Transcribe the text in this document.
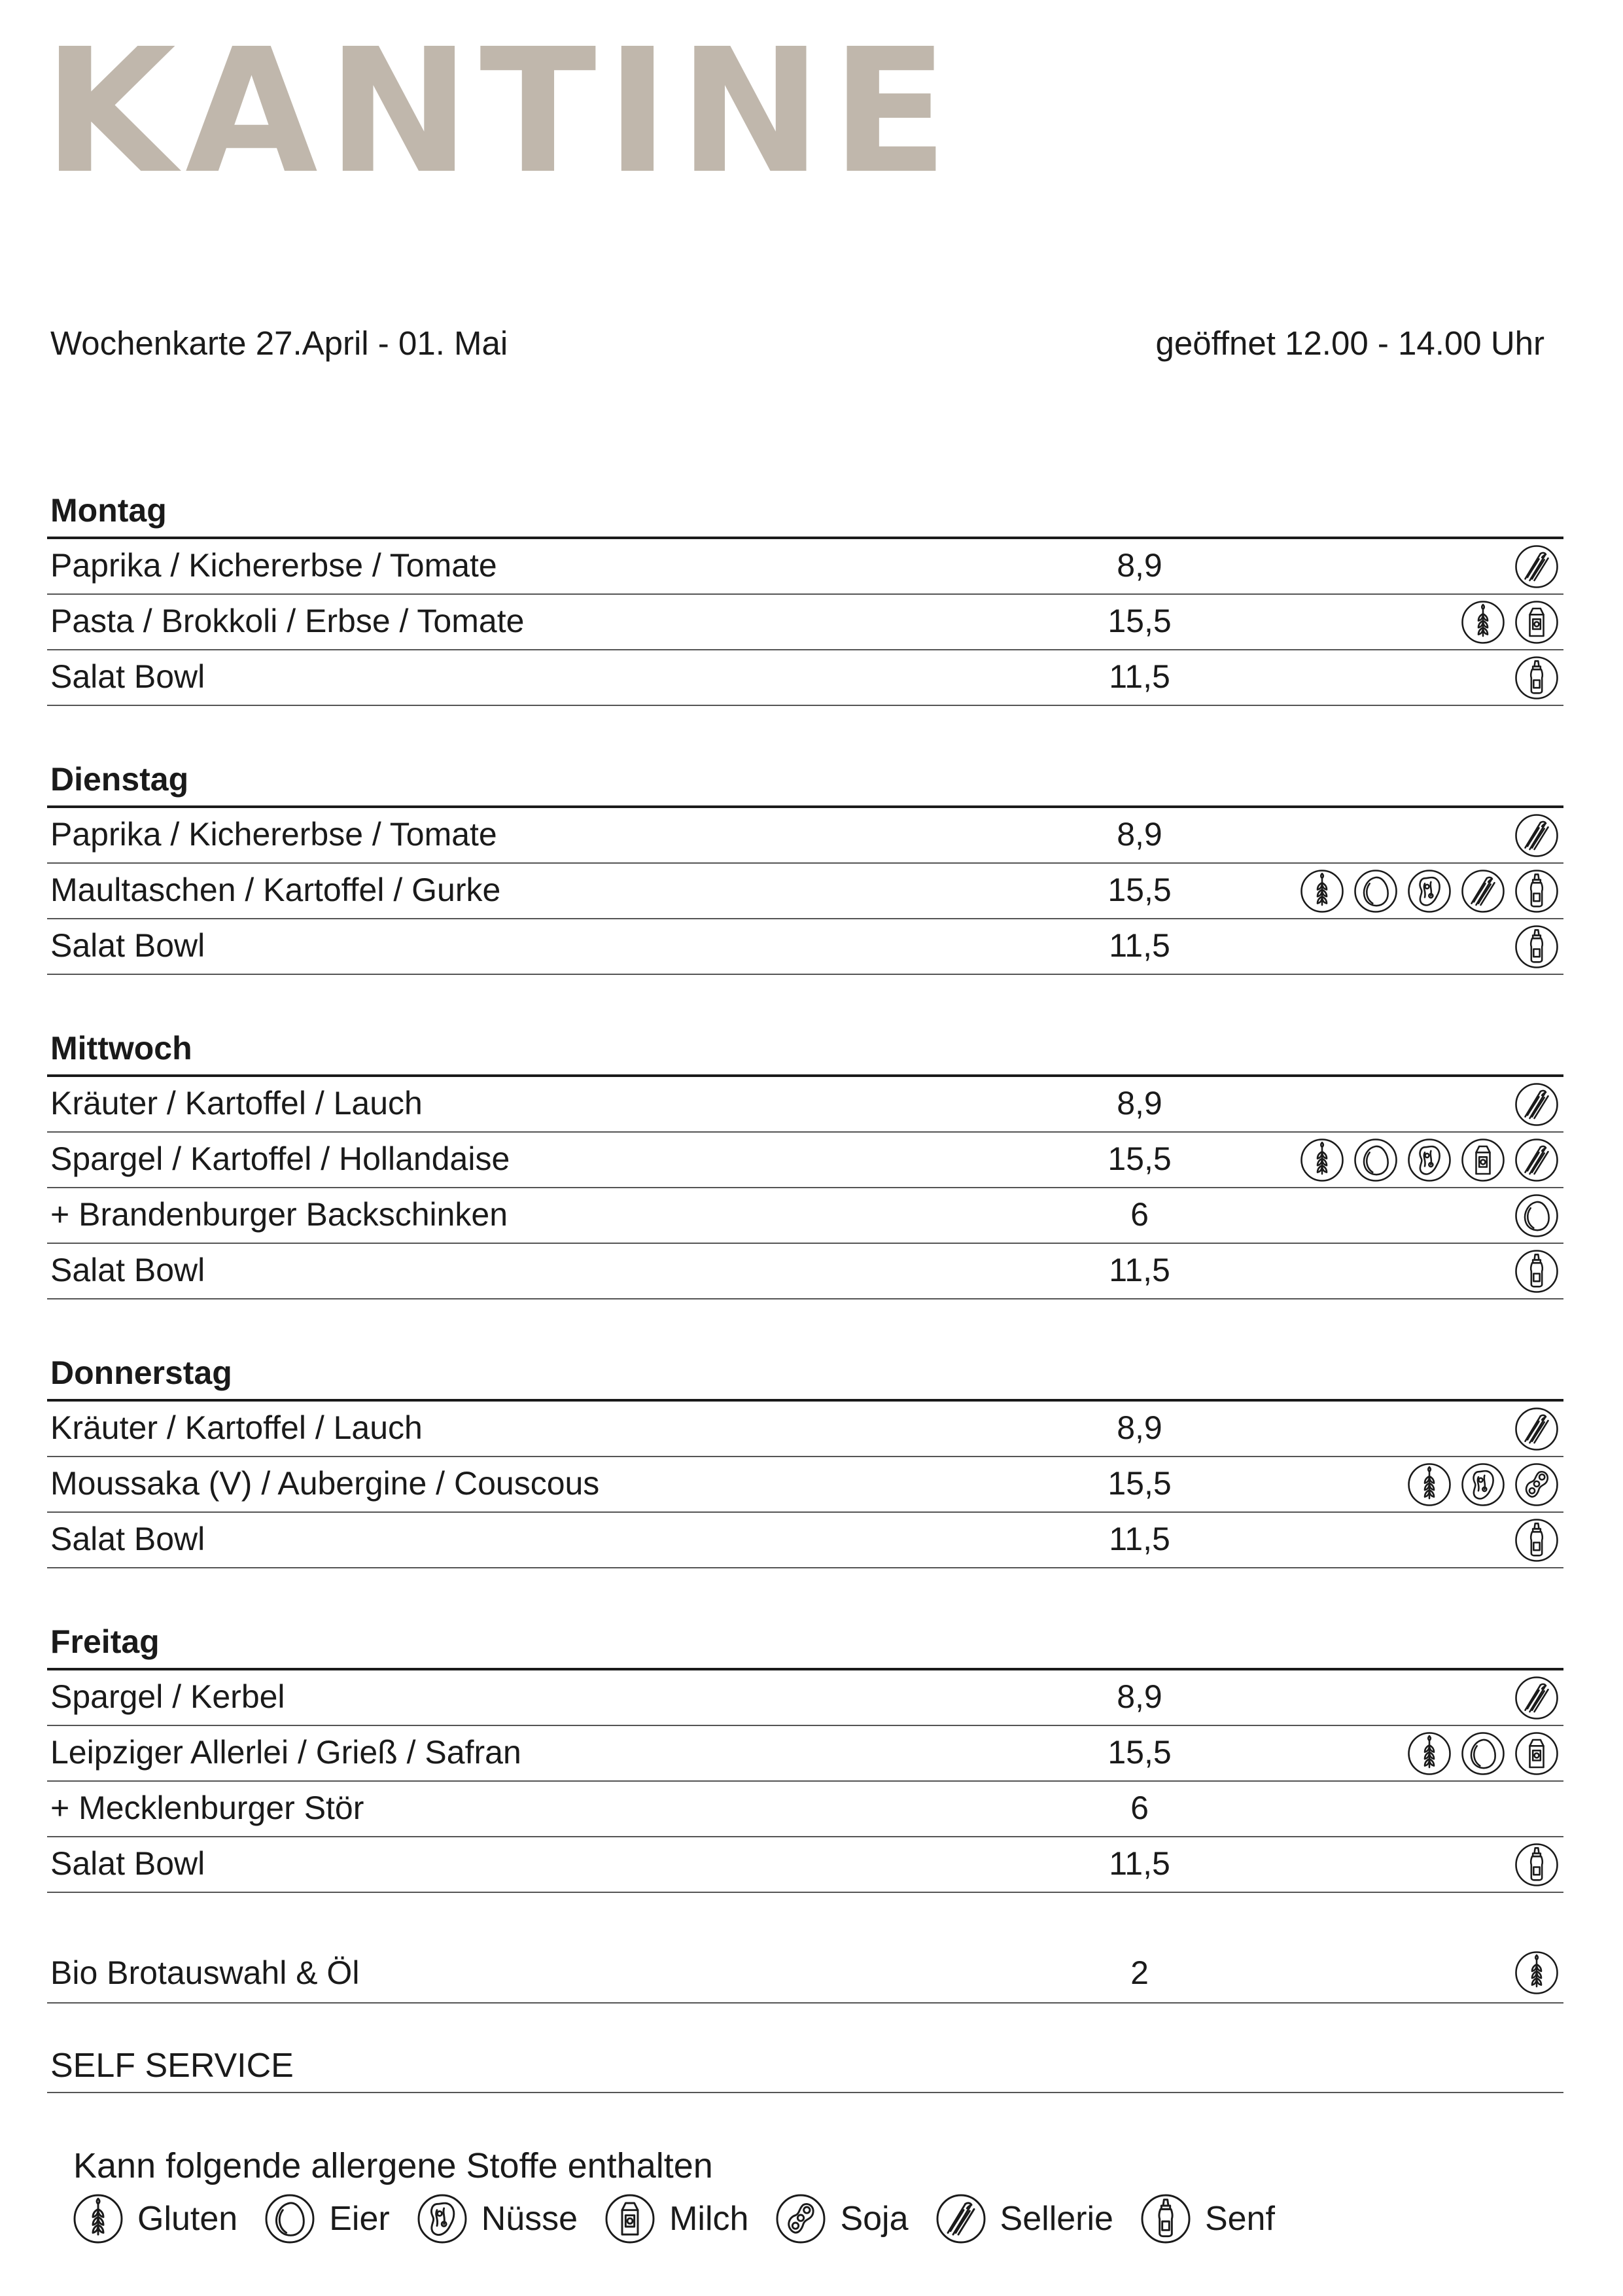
KANTINE
Wochenkarte 27.April - 01. Mai	geöffnet 12.00 - 14.00 Uhr
Montag
Paprika / Kichererbse / Tomate	8,9
Pasta / Brokkoli / Erbse / Tomate	15,5
Salat Bowl	11,5
Dienstag
Paprika / Kichererbse / Tomate	8,9
Maultaschen / Kartoffel / Gurke	15,5
Salat Bowl	11,5
Mittwoch
Kräuter / Kartoffel / Lauch	8,9
Spargel / Kartoffel / Hollandaise	15,5
+ Brandenburger Backschinken	6
Salat Bowl	11,5
Donnerstag
Kräuter / Kartoffel / Lauch	8,9
Moussaka (V) / Aubergine / Couscous	15,5
Salat Bowl	11,5
Freitag
Spargel / Kerbel	8,9
Leipziger Allerlei / Grieß / Safran	15,5
+ Mecklenburger Stör	6
Salat Bowl	11,5
Bio Brotauswahl & Öl	2
SELF SERVICE
Kann folgende allergene Stoffe enthalten
Gluten	Eier	Nüsse	Milch	Soja	Sellerie	Senf
